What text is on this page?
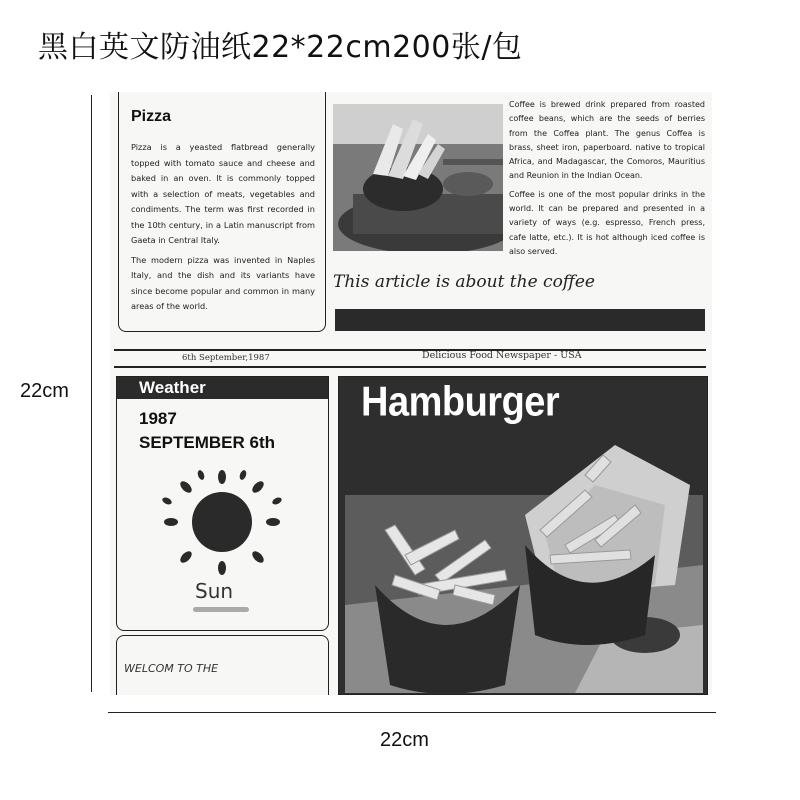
黑白英文防油纸22*22cm200张/包
22cm
22cm
Pizza

Pizza is a yeasted flatbread generally topped with tomato sauce and cheese and baked in an oven. It is commonly topped with a selection of meats, vegetables and condiments. The term was first recorded in the 10th century, in a Latin manuscript from Gaeta in Central Italy.

The modern pizza was invented in Naples Italy, and the dish and its variants have since become popular and common in many areas of the world.

Coffee is brewed drink prepared from roasted coffee beans, which are the seeds of berries from the Coffea plant. The genus Coffea is brass, sheet iron, paperboard. native to tropical Africa, and Madagascar, the Comoros, Mauritius and Reunion in the Indian Ocean.

Coffee is one of the most popular drinks in the world. It can be prepared and presented in a variety of ways (e.g. espresso, French press, cafe latte, etc.). It is hot although iced coffee is also served.

This article is about the coffee
6th September,1987	Delicious Food Newspaper - USA
Weather
1987
SEPTEMBER 6th
Sun
WELCOM TO THE
Hamburger
